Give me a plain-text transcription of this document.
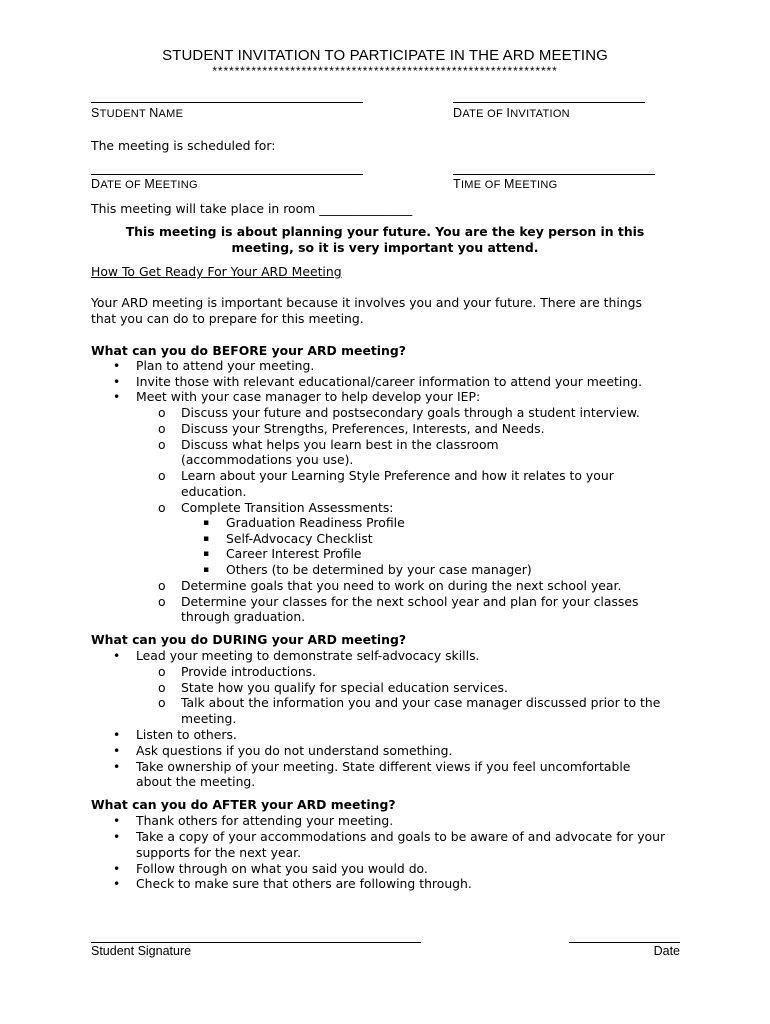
STUDENT INVITATION TO PARTICIPATE IN THE ARD MEETING
**************************************************************
STUDENT NAME	DATE OF INVITATION
The meeting is scheduled for:
DATE OF MEETING	TIME OF MEETING
This meeting will take place in room _______________
This meeting is about planning your future. You are the key person in this
meeting, so it is very important you attend.
How To Get Ready For Your ARD Meeting
Your ARD meeting is important because it involves you and your future. There are things
that you can do to prepare for this meeting.
What can you do BEFORE your ARD meeting?
• Plan to attend your meeting.
• Invite those with relevant educational/career information to attend your meeting.
• Meet with your case manager to help develop your IEP:
o Discuss your future and postsecondary goals through a student interview.
o Discuss your Strengths, Preferences, Interests, and Needs.
o Discuss what helps you learn best in the classroom
(accommodations you use).
o Learn about your Learning Style Preference and how it relates to your
education.
o Complete Transition Assessments:
▪ Graduation Readiness Profile
▪ Self-Advocacy Checklist
▪ Career Interest Profile
▪ Others (to be determined by your case manager)
o Determine goals that you need to work on during the next school year.
o Determine your classes for the next school year and plan for your classes
through graduation.
What can you do DURING your ARD meeting?
• Lead your meeting to demonstrate self-advocacy skills.
o Provide introductions.
o State how you qualify for special education services.
o Talk about the information you and your case manager discussed prior to the
meeting.
• Listen to others.
• Ask questions if you do not understand something.
• Take ownership of your meeting. State different views if you feel uncomfortable
about the meeting.
What can you do AFTER your ARD meeting?
• Thank others for attending your meeting.
• Take a copy of your accommodations and goals to be aware of and advocate for your
supports for the next year.
• Follow through on what you said you would do.
• Check to make sure that others are following through.
Student Signature	Date
